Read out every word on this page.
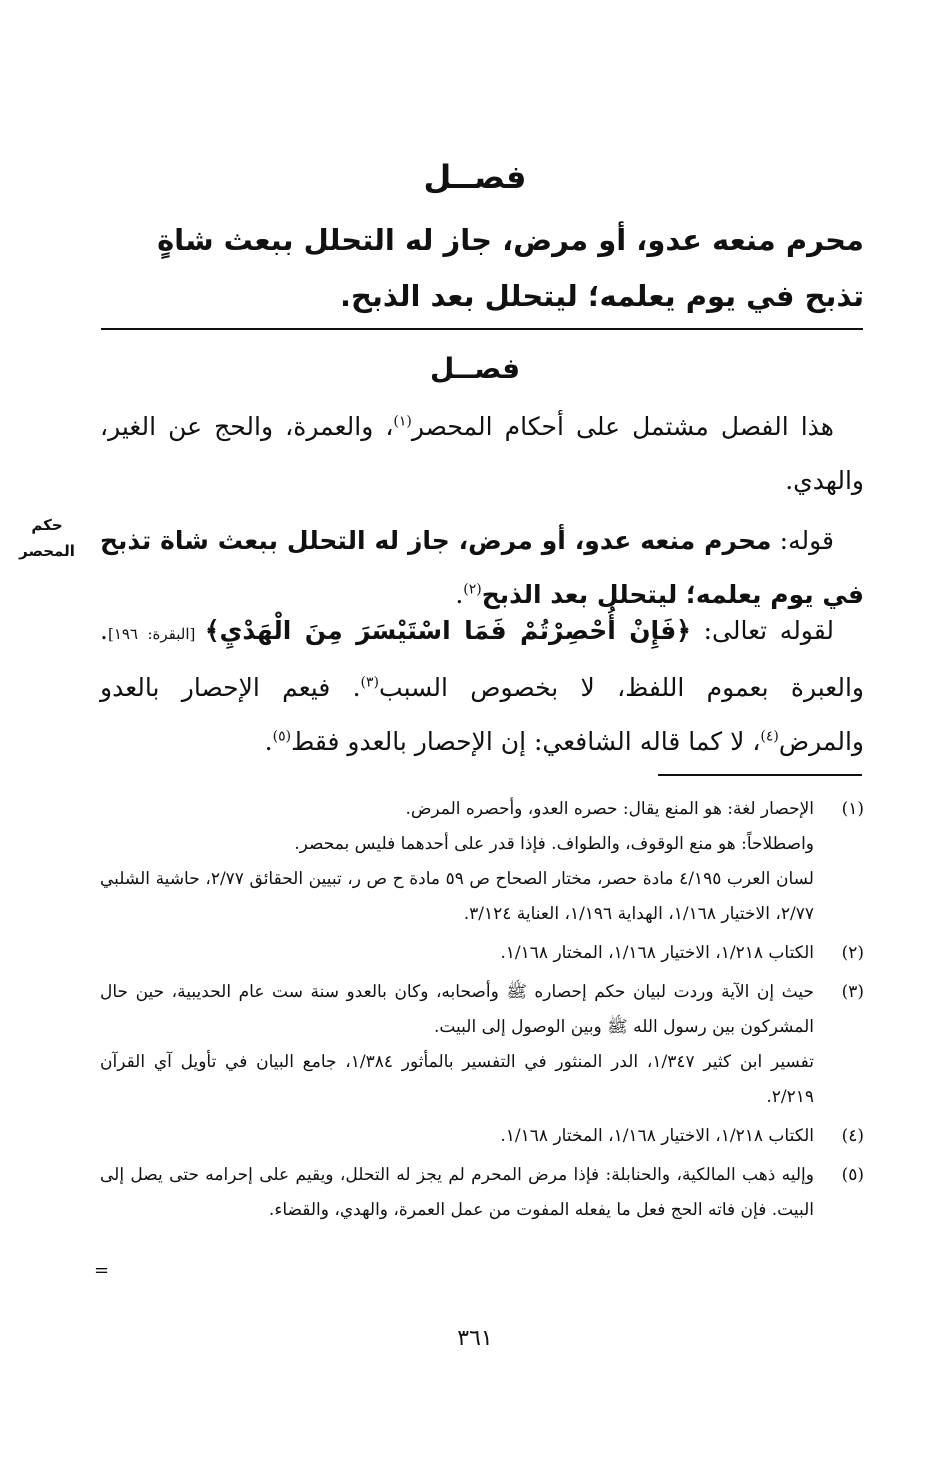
فصــل
محرم منعه عدو، أو مرض، جاز له التحلل ببعث شاةٍ تذبح في يوم يعلمه؛ ليتحلل بعد الذبح.
فصــل
هذا الفصل مشتمل على أحكام المحصر$^{(١)}$، والعمرة، والحج عن الغير، والهدي.
حكم المحصر	قوله: محرم منعه عدو، أو مرض، جاز له التحلل ببعث شاة تذبح في يوم يعلمه؛ ليتحلل بعد الذبح$^{(٢)}$.
لقوله تعالى: ﴿فَإِنْ أُحْصِرْتُمْ فَمَا اسْتَيْسَرَ مِنَ الْهَدْيِ﴾ [البقرة: ١٩٦]. والعبرة بعموم اللفظ، لا بخصوص السبب$^{(٣)}$. فيعم الإحصار بالعدو والمرض$^{(٤)}$، لا كما قاله الشافعي: إن الإحصار بالعدو فقط$^{(٥)}$.
(١)
الإحصار لغة: هو المنع يقال: حصره العدو، وأحصره المرض.
واصطلاحاً: هو منع الوقوف، والطواف. فإذا قدر على أحدهما فليس بمحصر.
لسان العرب ٤/١٩٥ مادة حصر، مختار الصحاح ص ٥٩ مادة ح ص ر، تبيين الحقائق ٢/٧٧، حاشية الشلبي ٢/٧٧، الاختيار ١/١٦٨، الهداية ١/١٩٦، العناية ٣/١٢٤.
(٢)
الكتاب ١/٢١٨، الاختيار ١/١٦٨، المختار ١/١٦٨.
(٣)
حيث إن الآية وردت لبيان حكم إحصاره ﷺ وأصحابه، وكان بالعدو سنة ست عام الحديبية، حين حال المشركون بين رسول الله ﷺ وبين الوصول إلى البيت.
تفسير ابن كثير ١/٣٤٧، الدر المنثور في التفسير بالمأثور ١/٣٨٤، جامع البيان في تأويل آي القرآن ٢/٢١٩.
(٤)
الكتاب ١/٢١٨، الاختيار ١/١٦٨، المختار ١/١٦٨.
(٥)
وإليه ذهب المالكية، والحنابلة: فإذا مرض المحرم لم يجز له التحلل، ويقيم على إحرامه حتى يصل إلى البيت. فإن فاته الحج فعل ما يفعله المفوت من عمل العمرة، والهدي، والقضاء.
=
٣٦١
